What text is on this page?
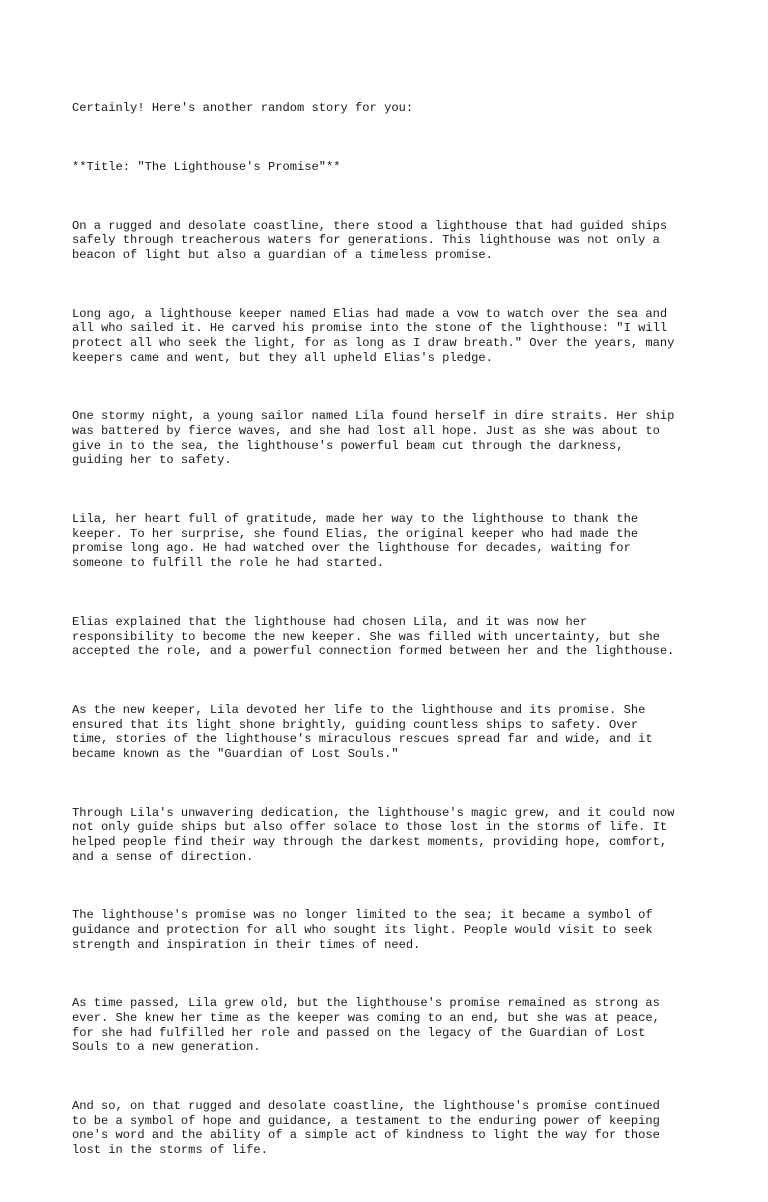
Certainly! Here's another random story for you:

**Title: "The Lighthouse's Promise"**

On a rugged and desolate coastline, there stood a lighthouse that had guided ships
safely through treacherous waters for generations. This lighthouse was not only a
beacon of light but also a guardian of a timeless promise.

Long ago, a lighthouse keeper named Elias had made a vow to watch over the sea and
all who sailed it. He carved his promise into the stone of the lighthouse: "I will
protect all who seek the light, for as long as I draw breath." Over the years, many
keepers came and went, but they all upheld Elias's pledge.

One stormy night, a young sailor named Lila found herself in dire straits. Her ship
was battered by fierce waves, and she had lost all hope. Just as she was about to
give in to the sea, the lighthouse's powerful beam cut through the darkness,
guiding her to safety.

Lila, her heart full of gratitude, made her way to the lighthouse to thank the
keeper. To her surprise, she found Elias, the original keeper who had made the
promise long ago. He had watched over the lighthouse for decades, waiting for
someone to fulfill the role he had started.

Elias explained that the lighthouse had chosen Lila, and it was now her
responsibility to become the new keeper. She was filled with uncertainty, but she
accepted the role, and a powerful connection formed between her and the lighthouse.

As the new keeper, Lila devoted her life to the lighthouse and its promise. She
ensured that its light shone brightly, guiding countless ships to safety. Over
time, stories of the lighthouse's miraculous rescues spread far and wide, and it
became known as the "Guardian of Lost Souls."

Through Lila's unwavering dedication, the lighthouse's magic grew, and it could now
not only guide ships but also offer solace to those lost in the storms of life. It
helped people find their way through the darkest moments, providing hope, comfort,
and a sense of direction.

The lighthouse's promise was no longer limited to the sea; it became a symbol of
guidance and protection for all who sought its light. People would visit to seek
strength and inspiration in their times of need.

As time passed, Lila grew old, but the lighthouse's promise remained as strong as
ever. She knew her time as the keeper was coming to an end, but she was at peace,
for she had fulfilled her role and passed on the legacy of the Guardian of Lost
Souls to a new generation.

And so, on that rugged and desolate coastline, the lighthouse's promise continued
to be a symbol of hope and guidance, a testament to the enduring power of keeping
one's word and the ability of a simple act of kindness to light the way for those
lost in the storms of life.
